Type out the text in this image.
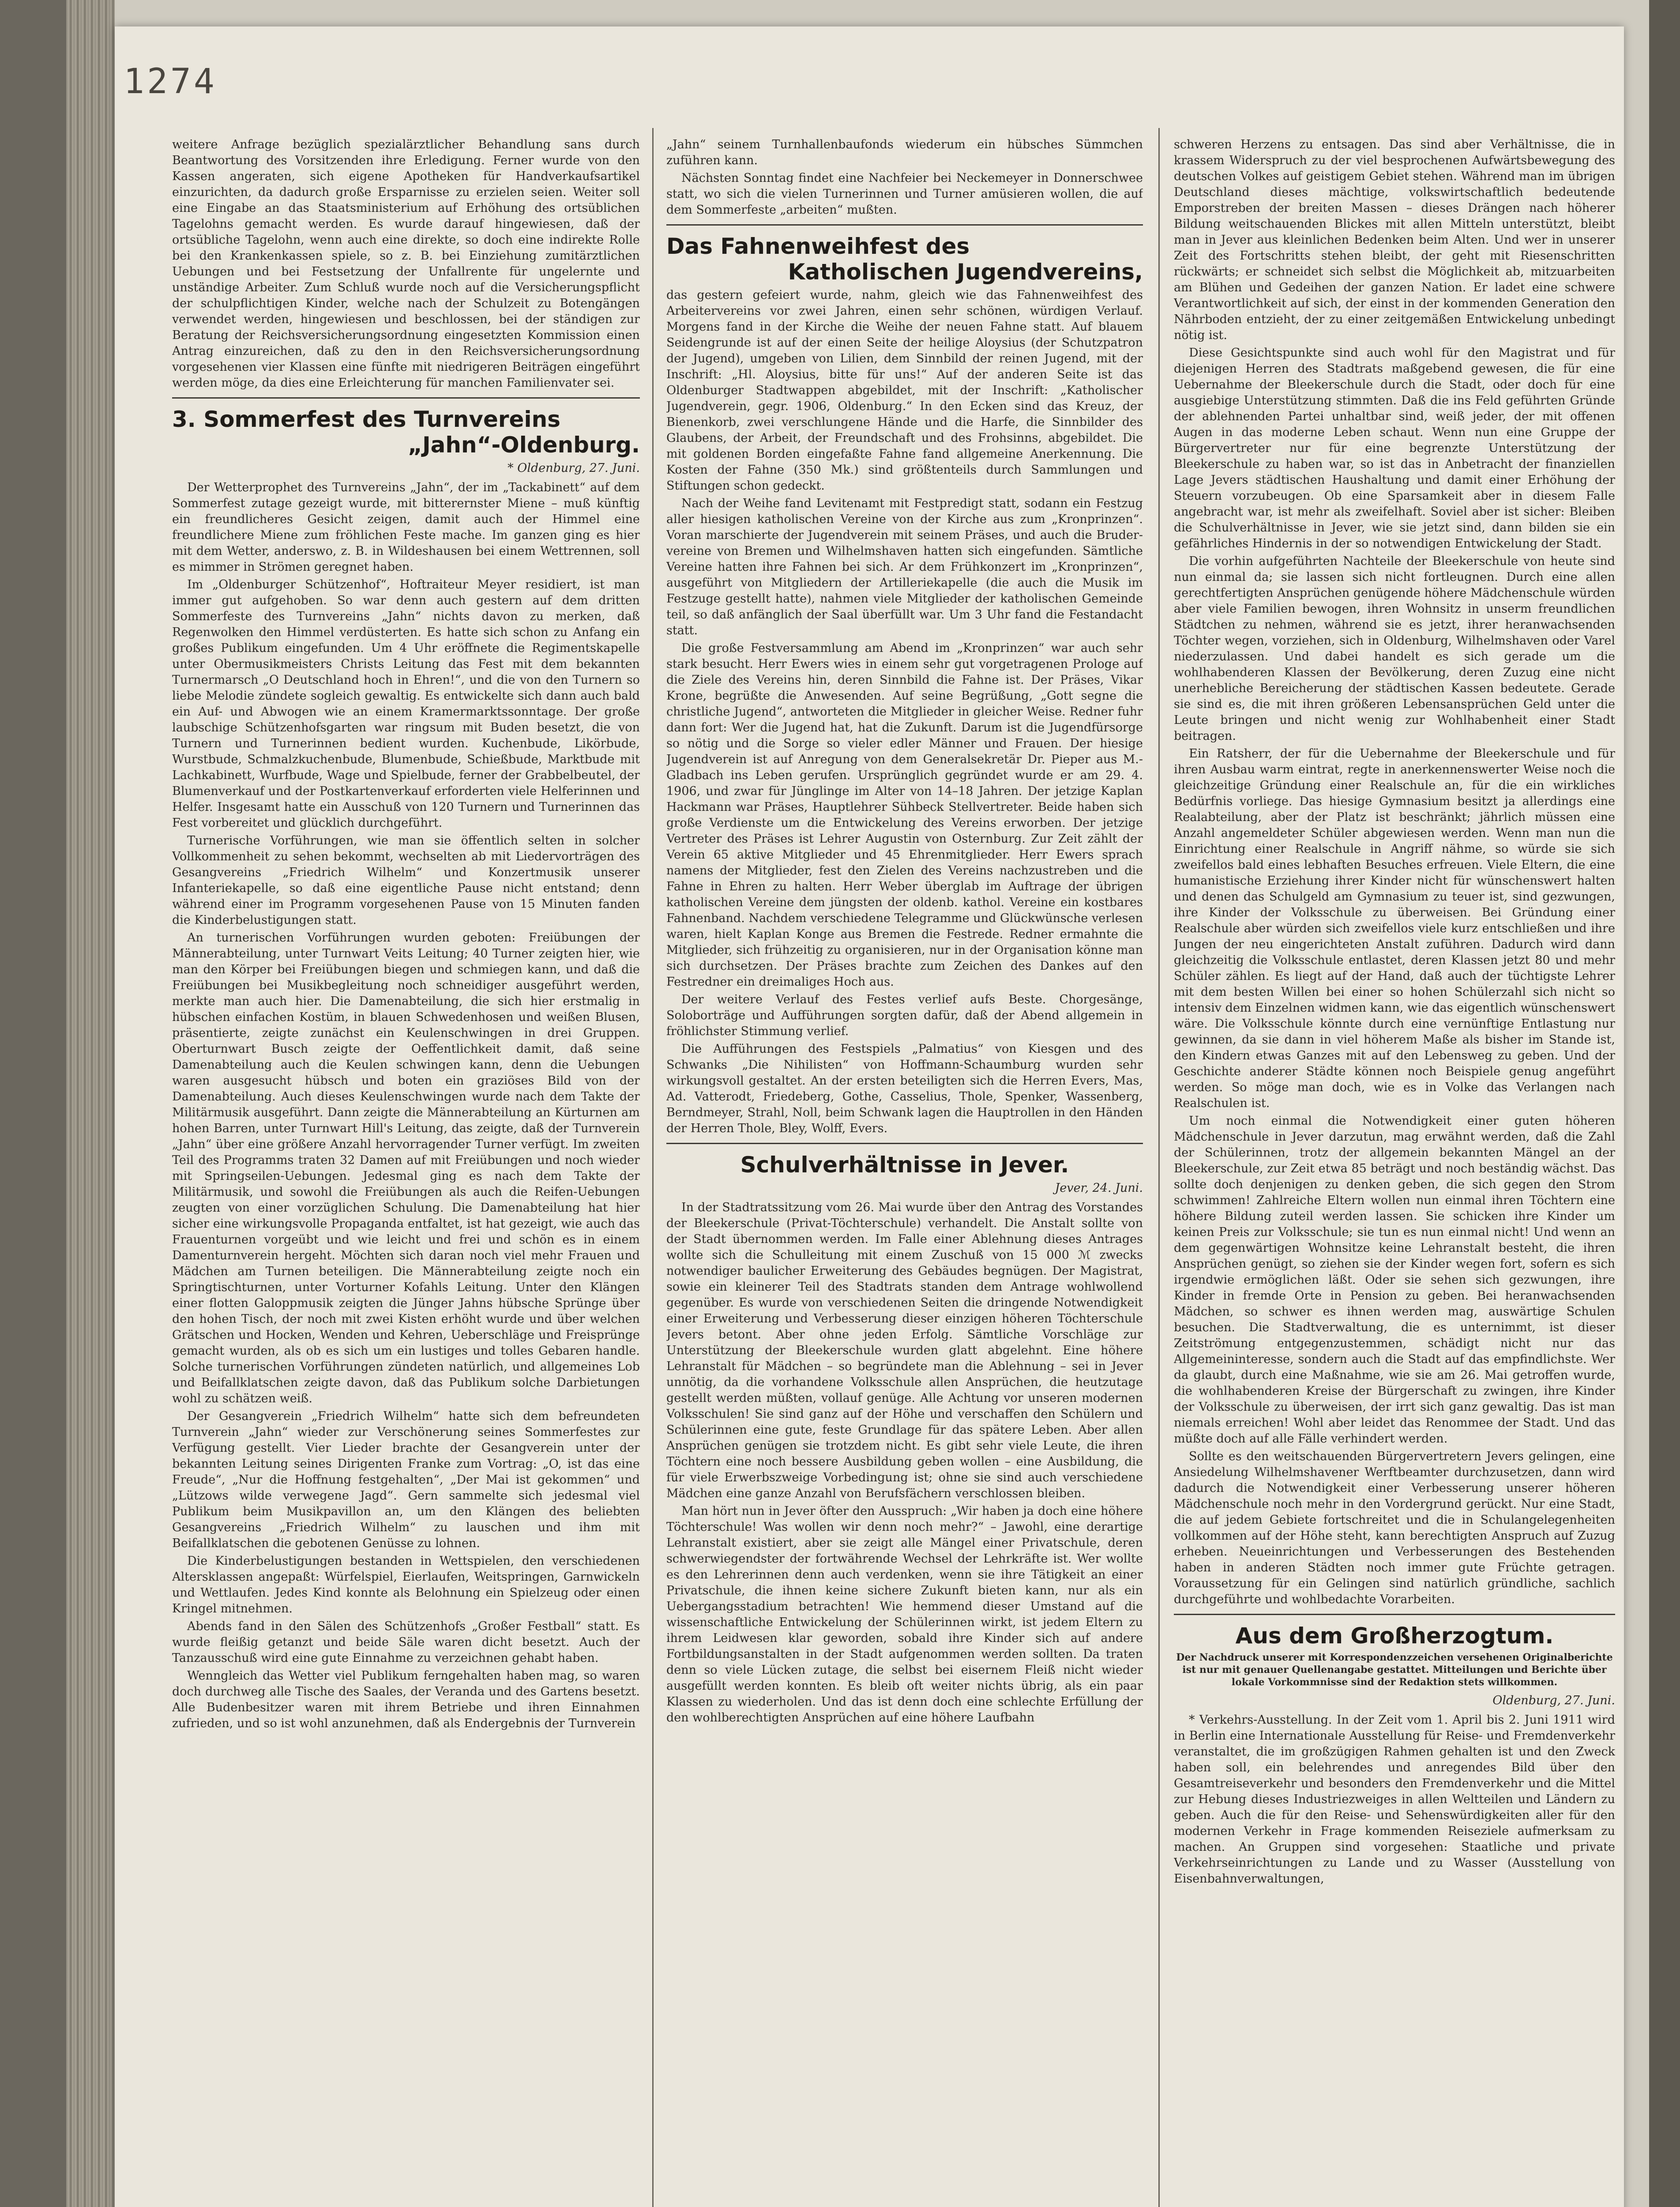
1274

weitere Anfrage bezüglich spezialärztlicher Behandlung sans durch Beantwortung des Vorsitzenden ihre Erledigung. Ferner wurde von den Kassen angeraten, sich eigene Apotheken für Handverkaufsartikel einzurichten, da dadurch große Ersparnisse zu erzielen seien. Weiter soll eine Eingabe an das Staatsministerium auf Erhöhung des ortsüblichen Tagelohns gemacht werden. Es wurde darauf hingewiesen, daß der ortsübliche Tagelohn, wenn auch eine direkte, so doch eine indirekte Rolle bei den Krankenkassen spiele, so z. B. bei Einziehung zumitärztlichen Uebungen und bei Festsetzung der Unfallrente für ungelernte und unständige Arbeiter. Zum Schluß wurde noch auf die Versicherungspflicht der schulpflichtigen Kinder, welche nach der Schulzeit zu Botengängen verwendet werden, hingewiesen und beschlossen, bei der ständigen zur Beratung der Reichsversicherungsordnung eingesetzten Kommission einen Antrag einzureichen, daß zu den in den Reichsversicherungsordnung vorgesehenen vier Klassen eine fünfte mit niedrigeren Beiträgen eingeführt werden möge, da dies eine Erleichterung für manchen Familienvater sei.

3. Sommerfest des Turnvereins

„Jahn“-Oldenburg.
* Oldenburg, 27. Juni.

Der Wetterprophet des Turnvereins „Jahn“, der im „Tackabinett“ auf dem Sommerfest zutage gezeigt wurde, mit bitterernster Miene – muß künftig ein freundlicheres Gesicht zeigen, damit auch der Himmel eine freundlichere Miene zum fröhlichen Feste mache. Im ganzen ging es hier mit dem Wetter, anderswo, z. B. in Wildeshausen bei einem Wettrennen, soll es mimmer in Strömen geregnet haben.

Im „Oldenburger Schützenhof“, Hoftraiteur Meyer residiert, ist man immer gut aufgehoben. So war denn auch gestern auf dem dritten Sommerfeste des Turnvereins „Jahn“ nichts davon zu merken, daß Regenwolken den Himmel verdüsterten. Es hatte sich schon zu Anfang ein großes Publikum eingefunden. Um 4 Uhr eröffnete die Regimentskapelle unter Obermusikmeisters Christs Leitung das Fest mit dem bekannten Turnermarsch „O Deutschland hoch in Ehren!“, und die von den Turnern so liebe Melodie zündete sogleich gewaltig. Es entwickelte sich dann auch bald ein Auf- und Abwogen wie an einem Kramermarktssonntage. Der große laubschige Schützenhofsgarten war ringsum mit Buden besetzt, die von Turnern und Turnerinnen bedient wurden. Kuchenbude, Likörbude, Wurstbude, Schmalzkuchenbude, Blumenbude, Schießbude, Marktbude mit Lachkabinett, Wurfbude, Wage und Spielbude, ferner der Grabbelbeutel, der Blumenverkauf und der Postkartenverkauf erforderten viele Helferinnen und Helfer. Insgesamt hatte ein Ausschuß von 120 Turnern und Turnerinnen das Fest vorbereitet und glücklich durchgeführt.

Turnerische Vorführungen, wie man sie öffentlich selten in solcher Vollkommenheit zu sehen bekommt, wechselten ab mit Liedervorträgen des Gesangvereins „Friedrich Wilhelm“ und Konzertmusik unserer Infanteriekapelle, so daß eine eigentliche Pause nicht entstand; denn während einer im Programm vorgesehenen Pause von 15 Minuten fanden die Kinderbelustigungen statt.

An turnerischen Vorführungen wurden geboten: Freiübungen der Männerabteilung, unter Turnwart Veits Leitung; 40 Turner zeigten hier, wie man den Körper bei Freiübungen biegen und schmiegen kann, und daß die Freiübungen bei Musikbegleitung noch schneidiger ausgeführt werden, merkte man auch hier. Die Damenabteilung, die sich hier erstmalig in hübschen einfachen Kostüm, in blauen Schwedenhosen und weißen Blusen, präsentierte, zeigte zunächst ein Keulenschwingen in drei Gruppen. Oberturnwart Busch zeigte der Oeffentlichkeit damit, daß seine Damenabteilung auch die Keulen schwingen kann, denn die Uebungen waren ausgesucht hübsch und boten ein graziöses Bild von der Damenabteilung. Auch dieses Keulenschwingen wurde nach dem Takte der Militärmusik ausgeführt. Dann zeigte die Männerabteilung an Kürturnen am hohen Barren, unter Turnwart Hill's Leitung, das zeigte, daß der Turnverein „Jahn“ über eine größere Anzahl hervorragender Turner verfügt. Im zweiten Teil des Programms traten 32 Damen auf mit Freiübungen und noch wieder mit Springseilen-Uebungen. Jedesmal ging es nach dem Takte der Militärmusik, und sowohl die Freiübungen als auch die Reifen-Uebungen zeugten von einer vorzüglichen Schulung. Die Damenabteilung hat hier sicher eine wirkungsvolle Propaganda entfaltet, ist hat gezeigt, wie auch das Frauenturnen vorgeübt und wie leicht und frei und schön es in einem Damenturnverein hergeht. Möchten sich daran noch viel mehr Frauen und Mädchen am Turnen beteiligen. Die Männerabteilung zeigte noch ein Springtischturnen, unter Vorturner Kofahls Leitung. Unter den Klängen einer flotten Galoppmusik zeigten die Jünger Jahns hübsche Sprünge über den hohen Tisch, der noch mit zwei Kisten erhöht wurde und über welchen Grätschen und Hocken, Wenden und Kehren, Ueberschläge und Freisprünge gemacht wurden, als ob es sich um ein lustiges und tolles Gebaren handle. Solche turnerischen Vorführungen zündeten natürlich, und allgemeines Lob und Beifallklatschen zeigte davon, daß das Publikum solche Darbietungen wohl zu schätzen weiß.

Der Gesangverein „Friedrich Wilhelm“ hatte sich dem befreundeten Turnverein „Jahn“ wieder zur Verschönerung seines Sommerfestes zur Verfügung gestellt. Vier Lieder brachte der Gesangverein unter der bekannten Leitung seines Dirigenten Franke zum Vortrag: „O, ist das eine Freude“, „Nur die Hoffnung festgehalten“, „Der Mai ist gekommen“ und „Lützows wilde verwegene Jagd“. Gern sammelte sich jedesmal viel Publikum beim Musikpavillon an, um den Klängen des beliebten Gesangvereins „Friedrich Wilhelm“ zu lauschen und ihm mit Beifallklatschen die gebotenen Genüsse zu lohnen.

Die Kinderbelustigungen bestanden in Wettspielen, den verschiedenen Altersklassen angepaßt: Würfelspiel, Eierlaufen, Weitspringen, Garnwickeln und Wettlaufen. Jedes Kind konnte als Belohnung ein Spielzeug oder einen Kringel mitnehmen.

Abends fand in den Sälen des Schützenhofs „Großer Festball“ statt. Es wurde fleißig getanzt und beide Säle waren dicht besetzt. Auch der Tanzausschuß wird eine gute Einnahme zu verzeichnen gehabt haben.

Wenngleich das Wetter viel Publikum ferngehalten haben mag, so waren doch durchweg alle Tische des Saales, der Veranda und des Gartens besetzt. Alle Budenbesitzer waren mit ihrem Betriebe und ihren Einnahmen zufrieden, und so ist wohl anzunehmen, daß als Endergebnis der Turnverein

„Jahn“ seinem Turnhallenbaufonds wiederum ein hübsches Sümmchen zuführen kann.

Nächsten Sonntag findet eine Nachfeier bei Neckemeyer in Donnerschwee statt, wo sich die vielen Turnerinnen und Turner amüsieren wollen, die auf dem Sommerfeste „arbeiten“ mußten.

Das Fahnenweihfest des

Katholischen Jugendvereins,

das gestern gefeiert wurde, nahm, gleich wie das Fahnenweihfest des Arbeitervereins vor zwei Jahren, einen sehr schönen, würdigen Verlauf. Morgens fand in der Kirche die Weihe der neuen Fahne statt. Auf blauem Seidengrunde ist auf der einen Seite der heilige Aloysius (der Schutzpatron der Jugend), umgeben von Lilien, dem Sinnbild der reinen Jugend, mit der Inschrift: „Hl. Aloysius, bitte für uns!“ Auf der anderen Seite ist das Oldenburger Stadtwappen abgebildet, mit der Inschrift: „Katholischer Jugendverein, gegr. 1906, Oldenburg.“ In den Ecken sind das Kreuz, der Bienenkorb, zwei verschlungene Hände und die Harfe, die Sinnbilder des Glaubens, der Arbeit, der Freundschaft und des Frohsinns, abgebildet. Die mit goldenen Borden eingefaßte Fahne fand allgemeine Anerkennung. Die Kosten der Fahne (350 Mk.) sind größtenteils durch Sammlungen und Stiftungen schon gedeckt.

Nach der Weihe fand Levitenamt mit Festpredigt statt, sodann ein Festzug aller hiesigen katholischen Vereine von der Kirche aus zum „Kronprinzen“. Voran marschierte der Jugendverein mit seinem Präses, und auch die Brudervereine von Bremen und Wilhelmshaven hatten sich eingefunden. Sämtliche Vereine hatten ihre Fahnen bei sich. Ar dem Frühkonzert im „Kronprinzen“, ausgeführt von Mitgliedern der Artilleriekapelle (die auch die Musik im Festzuge gestellt hatte), nahmen viele Mitglieder der katholischen Gemeinde teil, so daß anfänglich der Saal überfüllt war. Um 3 Uhr fand die Festandacht statt.

Die große Festversammlung am Abend im „Kronprinzen“ war auch sehr stark besucht. Herr Ewers wies in einem sehr gut vorgetragenen Prologe auf die Ziele des Vereins hin, deren Sinnbild die Fahne ist. Der Präses, Vikar Krone, begrüßte die Anwesenden. Auf seine Begrüßung, „Gott segne die christliche Jugend“, antworteten die Mitglieder in gleicher Weise. Redner fuhr dann fort: Wer die Jugend hat, hat die Zukunft. Darum ist die Jugendfürsorge so nötig und die Sorge so vieler edler Männer und Frauen. Der hiesige Jugendverein ist auf Anregung von dem Generalsekretär Dr. Pieper aus M.-Gladbach ins Leben gerufen. Ursprünglich gegründet wurde er am 29. 4. 1906, und zwar für Jünglinge im Alter von 14–18 Jahren. Der jetzige Kaplan Hackmann war Präses, Hauptlehrer Sühbeck Stellvertreter. Beide haben sich große Verdienste um die Entwickelung des Vereins erworben. Der jetzige Vertreter des Präses ist Lehrer Augustin von Osternburg. Zur Zeit zählt der Verein 65 aktive Mitglieder und 45 Ehrenmitglieder. Herr Ewers sprach namens der Mitglieder, fest den Zielen des Vereins nachzustreben und die Fahne in Ehren zu halten. Herr Weber überglab im Auftrage der übrigen katholischen Vereine dem jüngsten der oldenb. kathol. Vereine ein kostbares Fahnenband. Nachdem verschiedene Telegramme und Glückwünsche verlesen waren, hielt Kaplan Konge aus Bremen die Festrede. Redner ermahnte die Mitglieder, sich frühzeitig zu organisieren, nur in der Organisation könne man sich durchsetzen. Der Präses brachte zum Zeichen des Dankes auf den Festredner ein dreimaliges Hoch aus.

Der weitere Verlauf des Festes verlief aufs Beste. Chorgesänge, Soloborträge und Aufführungen sorgten dafür, daß der Abend allgemein in fröhlichster Stimmung verlief.

Die Aufführungen des Festspiels „Palmatius“ von Kiesgen und des Schwanks „Die Nihilisten“ von Hoffmann-Schaumburg wurden sehr wirkungsvoll gestaltet. An der ersten beteiligten sich die Herren Evers, Mas, Ad. Vatterodt, Friedeberg, Gothe, Casselius, Thole, Spenker, Wassenberg, Berndmeyer, Strahl, Noll, beim Schwank lagen die Hauptrollen in den Händen der Herren Thole, Bley, Wolff, Evers.

Schulverhältnisse in Jever.
Jever, 24. Juni.

In der Stadtratssitzung vom 26. Mai wurde über den Antrag des Vorstandes der Bleekerschule (Privat-Töchterschule) verhandelt. Die Anstalt sollte von der Stadt übernommen werden. Im Falle einer Ablehnung dieses Antrages wollte sich die Schulleitung mit einem Zuschuß von 15 000 ℳ zwecks notwendiger baulicher Erweiterung des Gebäudes begnügen. Der Magistrat, sowie ein kleinerer Teil des Stadtrats standen dem Antrage wohlwollend gegenüber. Es wurde von verschiedenen Seiten die dringende Notwendigkeit einer Erweiterung und Verbesserung dieser einzigen höheren Töchterschule Jevers betont. Aber ohne jeden Erfolg. Sämtliche Vorschläge zur Unterstützung der Bleekerschule wurden glatt abgelehnt. Eine höhere Lehranstalt für Mädchen – so begründete man die Ablehnung – sei in Jever unnötig, da die vorhandene Volksschule allen Ansprüchen, die heutzutage gestellt werden müßten, vollauf genüge. Alle Achtung vor unseren modernen Volksschulen! Sie sind ganz auf der Höhe und verschaffen den Schülern und Schülerinnen eine gute, feste Grundlage für das spätere Leben. Aber allen Ansprüchen genügen sie trotzdem nicht. Es gibt sehr viele Leute, die ihren Töchtern eine noch bessere Ausbildung geben wollen – eine Ausbildung, die für viele Erwerbszweige Vorbedingung ist; ohne sie sind auch verschiedene Mädchen eine ganze Anzahl von Berufsfächern verschlossen bleiben.

Man hört nun in Jever öfter den Ausspruch: „Wir haben ja doch eine höhere Töchterschule! Was wollen wir denn noch mehr?“ – Jawohl, eine derartige Lehranstalt existiert, aber sie zeigt alle Mängel einer Privatschule, deren schwerwiegendster der fortwährende Wechsel der Lehrkräfte ist. Wer wollte es den Lehrerinnen denn auch verdenken, wenn sie ihre Tätigkeit an einer Privatschule, die ihnen keine sichere Zukunft bieten kann, nur als ein Uebergangsstadium betrachten! Wie hemmend dieser Umstand auf die wissenschaftliche Entwickelung der Schülerinnen wirkt, ist jedem Eltern zu ihrem Leidwesen klar geworden, sobald ihre Kinder sich auf andere Fortbildungsanstalten in der Stadt aufgenommen werden sollten. Da traten denn so viele Lücken zutage, die selbst bei eisernem Fleiß nicht wieder ausgefüllt werden konnten. Es bleib oft weiter nichts übrig, als ein paar Klassen zu wiederholen. Und das ist denn doch eine schlechte Erfüllung der den wohlberechtigten Ansprüchen auf eine höhere Laufbahn

schweren Herzens zu entsagen. Das sind aber Verhältnisse, die in krassem Widerspruch zu der viel besprochenen Aufwärtsbewegung des deutschen Volkes auf geistigem Gebiet stehen. Während man im übrigen Deutschland dieses mächtige, volkswirtschaftlich bedeutende Emporstreben der breiten Massen – dieses Drängen nach höherer Bildung weitschauenden Blickes mit allen Mitteln unterstützt, bleibt man in Jever aus kleinlichen Bedenken beim Alten. Und wer in unserer Zeit des Fortschritts stehen bleibt, der geht mit Riesenschritten rückwärts; er schneidet sich selbst die Möglichkeit ab, mitzuarbeiten am Blühen und Gedeihen der ganzen Nation. Er ladet eine schwere Verantwortlichkeit auf sich, der einst in der kommenden Generation den Nährboden entzieht, der zu einer zeitgemäßen Entwickelung unbedingt nötig ist.

Diese Gesichtspunkte sind auch wohl für den Magistrat und für diejenigen Herren des Stadtrats maßgebend gewesen, die für eine Uebernahme der Bleekerschule durch die Stadt, oder doch für eine ausgiebige Unterstützung stimmten. Daß die ins Feld geführten Gründe der ablehnenden Partei unhaltbar sind, weiß jeder, der mit offenen Augen in das moderne Leben schaut. Wenn nun eine Gruppe der Bürgervertreter nur für eine begrenzte Unterstützung der Bleekerschule zu haben war, so ist das in Anbetracht der finanziellen Lage Jevers städtischen Haushaltung und damit einer Erhöhung der Steuern vorzubeugen. Ob eine Sparsamkeit aber in diesem Falle angebracht war, ist mehr als zweifelhaft. Soviel aber ist sicher: Bleiben die Schulverhältnisse in Jever, wie sie jetzt sind, dann bilden sie ein gefährliches Hindernis in der so notwendigen Entwickelung der Stadt.

Die vorhin aufgeführten Nachteile der Bleekerschule von heute sind nun einmal da; sie lassen sich nicht fortleugnen. Durch eine allen gerechtfertigten Ansprüchen genügende höhere Mädchenschule würden aber viele Familien bewogen, ihren Wohnsitz in unserm freundlichen Städtchen zu nehmen, während sie es jetzt, ihrer heranwachsenden Töchter wegen, vorziehen, sich in Oldenburg, Wilhelmshaven oder Varel niederzulassen. Und dabei handelt es sich gerade um die wohlhabenderen Klassen der Bevölkerung, deren Zuzug eine nicht unerhebliche Bereicherung der städtischen Kassen bedeutete. Gerade sie sind es, die mit ihren größeren Lebensansprüchen Geld unter die Leute bringen und nicht wenig zur Wohlhabenheit einer Stadt beitragen.

Ein Ratsherr, der für die Uebernahme der Bleekerschule und für ihren Ausbau warm eintrat, regte in anerkennenswerter Weise noch die gleichzeitige Gründung einer Realschule an, für die ein wirkliches Bedürfnis vorliege. Das hiesige Gymnasium besitzt ja allerdings eine Realabteilung, aber der Platz ist beschränkt; jährlich müssen eine Anzahl angemeldeter Schüler abgewiesen werden. Wenn man nun die Einrichtung einer Realschule in Angriff nähme, so würde sie sich zweifellos bald eines lebhaften Besuches erfreuen. Viele Eltern, die eine humanistische Erziehung ihrer Kinder nicht für wünschenswert halten und denen das Schulgeld am Gymnasium zu teuer ist, sind gezwungen, ihre Kinder der Volksschule zu überweisen. Bei Gründung einer Realschule aber würden sich zweifellos viele kurz entschließen und ihre Jungen der neu eingerichteten Anstalt zuführen. Dadurch wird dann gleichzeitig die Volksschule entlastet, deren Klassen jetzt 80 und mehr Schüler zählen. Es liegt auf der Hand, daß auch der tüchtigste Lehrer mit dem besten Willen bei einer so hohen Schülerzahl sich nicht so intensiv dem Einzelnen widmen kann, wie das eigentlich wünschenswert wäre. Die Volksschule könnte durch eine vernünftige Entlastung nur gewinnen, da sie dann in viel höherem Maße als bisher im Stande ist, den Kindern etwas Ganzes mit auf den Lebensweg zu geben. Und der Geschichte anderer Städte können noch Beispiele genug angeführt werden. So möge man doch, wie es in Volke das Verlangen nach Realschulen ist.

Um noch einmal die Notwendigkeit einer guten höheren Mädchenschule in Jever darzutun, mag erwähnt werden, daß die Zahl der Schülerinnen, trotz der allgemein bekannten Mängel an der Bleekerschule, zur Zeit etwa 85 beträgt und noch beständig wächst. Das sollte doch denjenigen zu denken geben, die sich gegen den Strom schwimmen! Zahlreiche Eltern wollen nun einmal ihren Töchtern eine höhere Bildung zuteil werden lassen. Sie schicken ihre Kinder um keinen Preis zur Volksschule; sie tun es nun einmal nicht! Und wenn an dem gegenwärtigen Wohnsitze keine Lehranstalt besteht, die ihren Ansprüchen genügt, so ziehen sie der Kinder wegen fort, sofern es sich irgendwie ermöglichen läßt. Oder sie sehen sich gezwungen, ihre Kinder in fremde Orte in Pension zu geben. Bei heranwachsenden Mädchen, so schwer es ihnen werden mag, auswärtige Schulen besuchen. Die Stadtverwaltung, die es unternimmt, ist dieser Zeitströmung entgegenzustemmen, schädigt nicht nur das Allgemeininteresse, sondern auch die Stadt auf das empfindlichste. Wer da glaubt, durch eine Maßnahme, wie sie am 26. Mai getroffen wurde, die wohlhabenderen Kreise der Bürgerschaft zu zwingen, ihre Kinder der Volksschule zu überweisen, der irrt sich ganz gewaltig. Das ist man niemals erreichen! Wohl aber leidet das Renommee der Stadt. Und das müßte doch auf alle Fälle verhindert werden.

Sollte es den weitschauenden Bürgervertretern Jevers gelingen, eine Ansiedelung Wilhelmshavener Werftbeamter durchzusetzen, dann wird dadurch die Notwendigkeit einer Verbesserung unserer höheren Mädchenschule noch mehr in den Vordergrund gerückt. Nur eine Stadt, die auf jedem Gebiete fortschreitet und die in Schulangelegenheiten vollkommen auf der Höhe steht, kann berechtigten Anspruch auf Zuzug erheben. Neueinrichtungen und Verbesserungen des Bestehenden haben in anderen Städten noch immer gute Früchte getragen. Voraussetzung für ein Gelingen sind natürlich gründliche, sachlich durchgeführte und wohlbedachte Vorarbeiten.

Aus dem Großherzogtum.
Der Nachdruck unserer mit Korrespondenzzeichen versehenen Originalberichte ist nur mit genauer Quellenangabe gestattet. Mitteilungen und Berichte über lokale Vorkommnisse sind der Redaktion stets willkommen.
Oldenburg, 27. Juni.

* Verkehrs-Ausstellung. In der Zeit vom 1. April bis 2. Juni 1911 wird in Berlin eine Internationale Ausstellung für Reise- und Fremdenverkehr veranstaltet, die im großzügigen Rahmen gehalten ist und den Zweck haben soll, ein belehrendes und anregendes Bild über den Gesamtreiseverkehr und besonders den Fremdenverkehr und die Mittel zur Hebung dieses Industriezweiges in allen Weltteilen und Ländern zu geben. Auch die für den Reise- und Sehenswürdigkeiten aller für den modernen Verkehr in Frage kommenden Reiseziele aufmerksam zu machen. An Gruppen sind vorgesehen: Staatliche und private Verkehrseinrichtungen zu Lande und zu Wasser (Ausstellung von Eisenbahnverwaltungen,
